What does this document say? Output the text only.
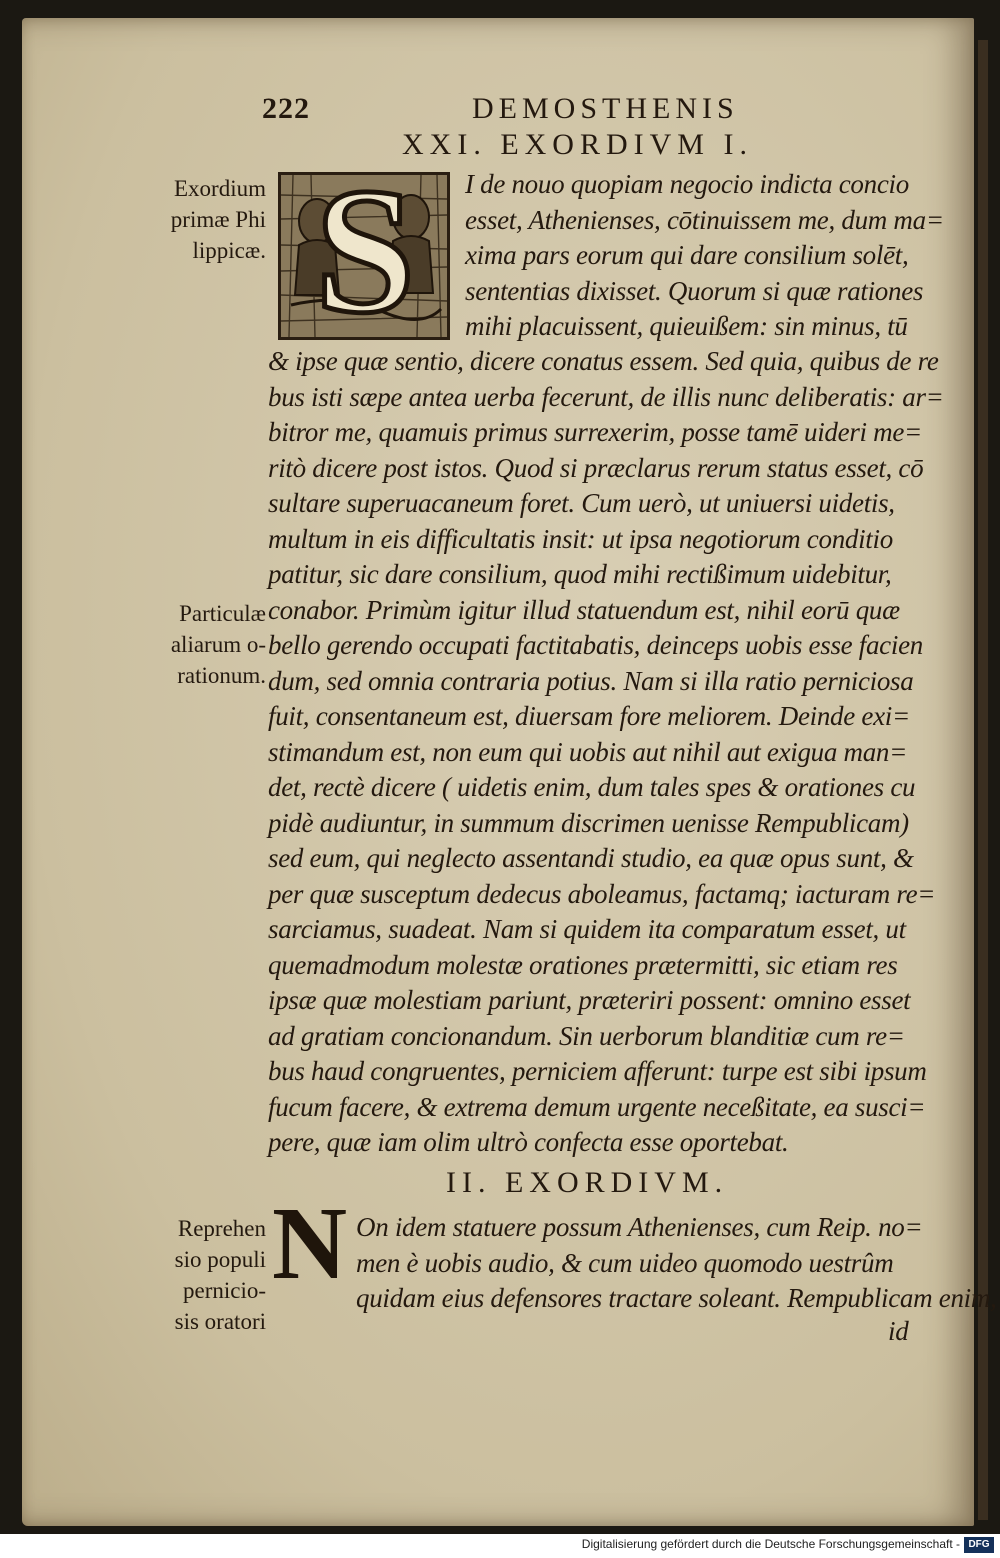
222	DEMOSTHENIS
XXI. EXORDIVM I.
Exordium
primæ Phi
lippicæ. S I de nouo quopiam negocio indicta concio
esset, Athenienses, cōtinuissem me, dum ma=
xima pars eorum qui dare consilium solēt,
sententias dixisset. Quorum si quæ rationes
mihi placuissent, quieuißem: sin minus, tū
& ipse quæ sentio, dicere conatus essem. Sed quia, quibus de re
bus isti sæpe antea uerba fecerunt, de illis nunc deliberatis: ar=
bitror me, quamuis primus surrexerim, posse tamē uideri me=
ritò dicere post istos. Quod si præclarus rerum status esset, cō
sultare superuacaneum foret. Cum uerò, ut uniuersi uidetis,
multum in eis difficultatis insit: ut ipsa negotiorum conditio
patitur, sic dare consilium, quod mihi rectißimum uidebitur,
conabor. Primùm igitur illud statuendum est, nihil eorū quæ
bello gerendo occupati factitabatis, deinceps uobis esse facien
dum, sed omnia contraria potius. Nam si illa ratio perniciosa
fuit, consentaneum est, diuersam fore meliorem. Deinde exi=
stimandum est, non eum qui uobis aut nihil aut exigua man=
det, rectè dicere ( uidetis enim, dum tales spes & orationes cu
pidè audiuntur, in summum discrimen uenisse Rempublicam)
sed eum, qui neglecto assentandi studio, ea quæ opus sunt, &
per quæ susceptum dedecus aboleamus, factamq; iacturam re=
sarciamus, suadeat. Nam si quidem ita comparatum esset, ut
quemadmodum molestæ orationes prætermitti, sic etiam res
ipsæ quæ molestiam pariunt, præteriri possent: omnino esset
ad gratiam concionandum. Sin uerborum blanditiæ cum re=
bus haud congruentes, perniciem afferunt: turpe est sibi ipsum
fucum facere, & extrema demum urgente neceßitate, ea susci=
pere, quæ iam olim ultrò confecta esse oportebat.
Particulæ
aliarum o-
rationum.
II. EXORDIVM.
Reprehen
sio populi
pernicio-
sis oratori
N On idem statuere possum Athenienses, cum Reip. no=
men è uobis audio, & cum uideo quomodo uestrûm
quidam eius defensores tractare soleant. Rempublicam enim,
id
Digitalisierung gefördert durch die Deutsche Forschungsgemeinschaft - DFG
